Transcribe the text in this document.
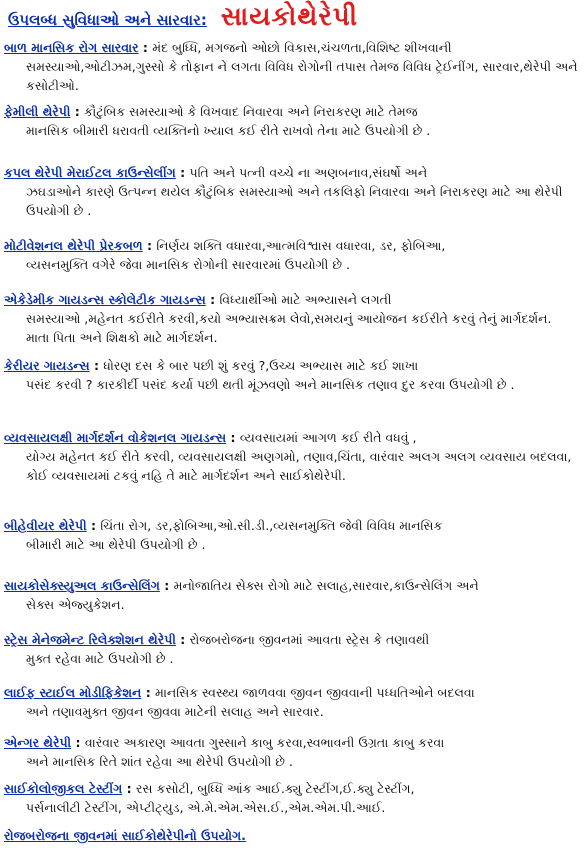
ઉપલબ્ધ સુવિધાઓ અને સારવાર: સાયકોથેરેપી
બાળ માનસિક રોગ સારવાર : મંદ બુધ્ધિ, મગજનો ઓછો વિકાસ,ચંચળતા,વિશિષ્ટ શીખવાની
સમસ્યાઓ,ઓટીઝમ,ગુસ્સો કે તોફાન ને લગતા વિવિધ રોગોની તપાસ તેમજ વિવિધ ટ્રેઈનીંગ, સારવાર,થેરેપી અને કસોટીઓ.
ફેમીલી થેરેપી : કૌટુંબિક સમસ્યાઓ કે વિખવાદ નિવારવા અને નિરાકરણ માટે તેમજ
માનસિક બીમારી ધરાવતી વ્યક્તિનો ખ્યાલ કઈ રીતે રાખવો તેના માટે ઉપયોગી છે .
કપલ થેરેપી મેરાઈટલ કાઉન્સેલીંગ : પતિ અને પત્ની વચ્ચે ના અણબનાવ,સંઘર્ષો અને
ઝઘડાઓને કારણે ઉત્પન્ન થયેલ કૌટુંબિક સમસ્યાઓ અને તકલિફો નિવારવા અને નિરાકરણ માટે આ થેરેપી ઉપયોગી છે .
મોટીવેશનલ થેરેપી પ્રેરકબળ : નિર્ણય શક્તિ વધારવા,આત્મવિશ્વાસ વધારવા, ડર, ફોબિઆ,
વ્યસનમુક્તિ વગેરે જેવા માનસિક રોગોની સારવારમાં ઉપયોગી છે .
એકેડેમીક ગાયડન્સ સ્કોલેટીક ગાયડન્સ : વિધ્યાર્થીઓ માટે અભ્યાસને લગતી
સમસ્યાઓ ,મહેનત કઈરીતે કરવી,કયો અભ્યાસક્રમ લેવો,સમયનું આયોજન કઈરીતે કરવું તેનું માર્ગદર્શન. માતા પિતા અને શિક્ષકો માટે માર્ગદર્શન.
કેરીયર ગાયડન્સ : ધોરણ દસ કે બાર પછી શું કરવું ?,ઉચ્ચ અભ્યાસ માટે કઈ શાખા
પસંદ કરવી ? કારકીર્દી પસંદ કર્યા પછી થતી મૂંઝવણો અને માનસિક તણાવ દુર કરવા ઉપયોગી છે .
વ્યવસાયલક્ષી માર્ગદર્શન વોકેશનલ ગાયડન્સ : વ્યવસાયમાં આગળ કઈ રીતે વધવું ,
યોગ્ય મહેનત કઈ રીતે કરવી, વ્યવસાયલક્ષી અણગમો, તણાવ,ચિંતા, વારંવાર અલગ અલગ વ્યવસાય બદલવા, કોઈ વ્યવસાયમાં ટકવું નહિ તે માટે માર્ગદર્શન અને સાઈકોથેરેપી.
બીહેવીયર થેરેપી : ચિંતા રોગ, ડર,ફોબિઆ,ઓ.સી.ડી.,વ્યસનમુક્તિ જેવી વિવિધ માનસિક
બીમારી માટે આ થેરેપી ઉપયોગી છે .
સાયકોસેક્સ્યુઅલ કાઉન્સેલિંગ : મનોજાતિય સેક્સ રોગો માટે સલાહ,સારવાર,કાઉન્સેલિંગ અને
સેક્સ એજ્યુકેશન.
સ્ટ્રેસ મેનેજમેન્ટ રિલેક્શેશન થેરેપી : રોજબરોજના જીવનમાં આવતા સ્ટ્રેસ કે તણાવથી
મુક્ત રહેવા માટે ઉપયોગી છે .
લાઈફ સ્ટાઈલ મોડીફિકેશન : માનસિક સ્વસ્થ્ય જાળવવા જીવન જીવવાની પધ્ધતિઓને બદલવા
અને તણાવમુક્ત જીવન જીવવા માટેની સલાહ અને સારવાર.
એન્ગર થેરેપી : વારંવાર અકારણ આવતા ગુસ્સાને કાબુ કરવા,સ્વભાવની ઉગ્રતા કાબુ કરવા
અને માનસિક રિતે શાંત રહેવા આ થેરેપી ઉપયોગી છે .
સાઈકોલોજીકલ ટેસ્ટીંગ : રસ કસોટી, બુધ્ધિ આંક આઈ.ક્યુ ટેસ્ટીંગ,ઈ.ક્યુ ટેસ્ટીંગ,
પર્સનાલીટી ટેસ્ટીંગ, એપ્ટીટ્યુડ, એ.મે.એમ.એસ.ઈ.,એમ.એમ.પી.આઈ.
રોજબરોજના જીવનમાં સાઈકોથેરેપીનો ઉપયોગ.
